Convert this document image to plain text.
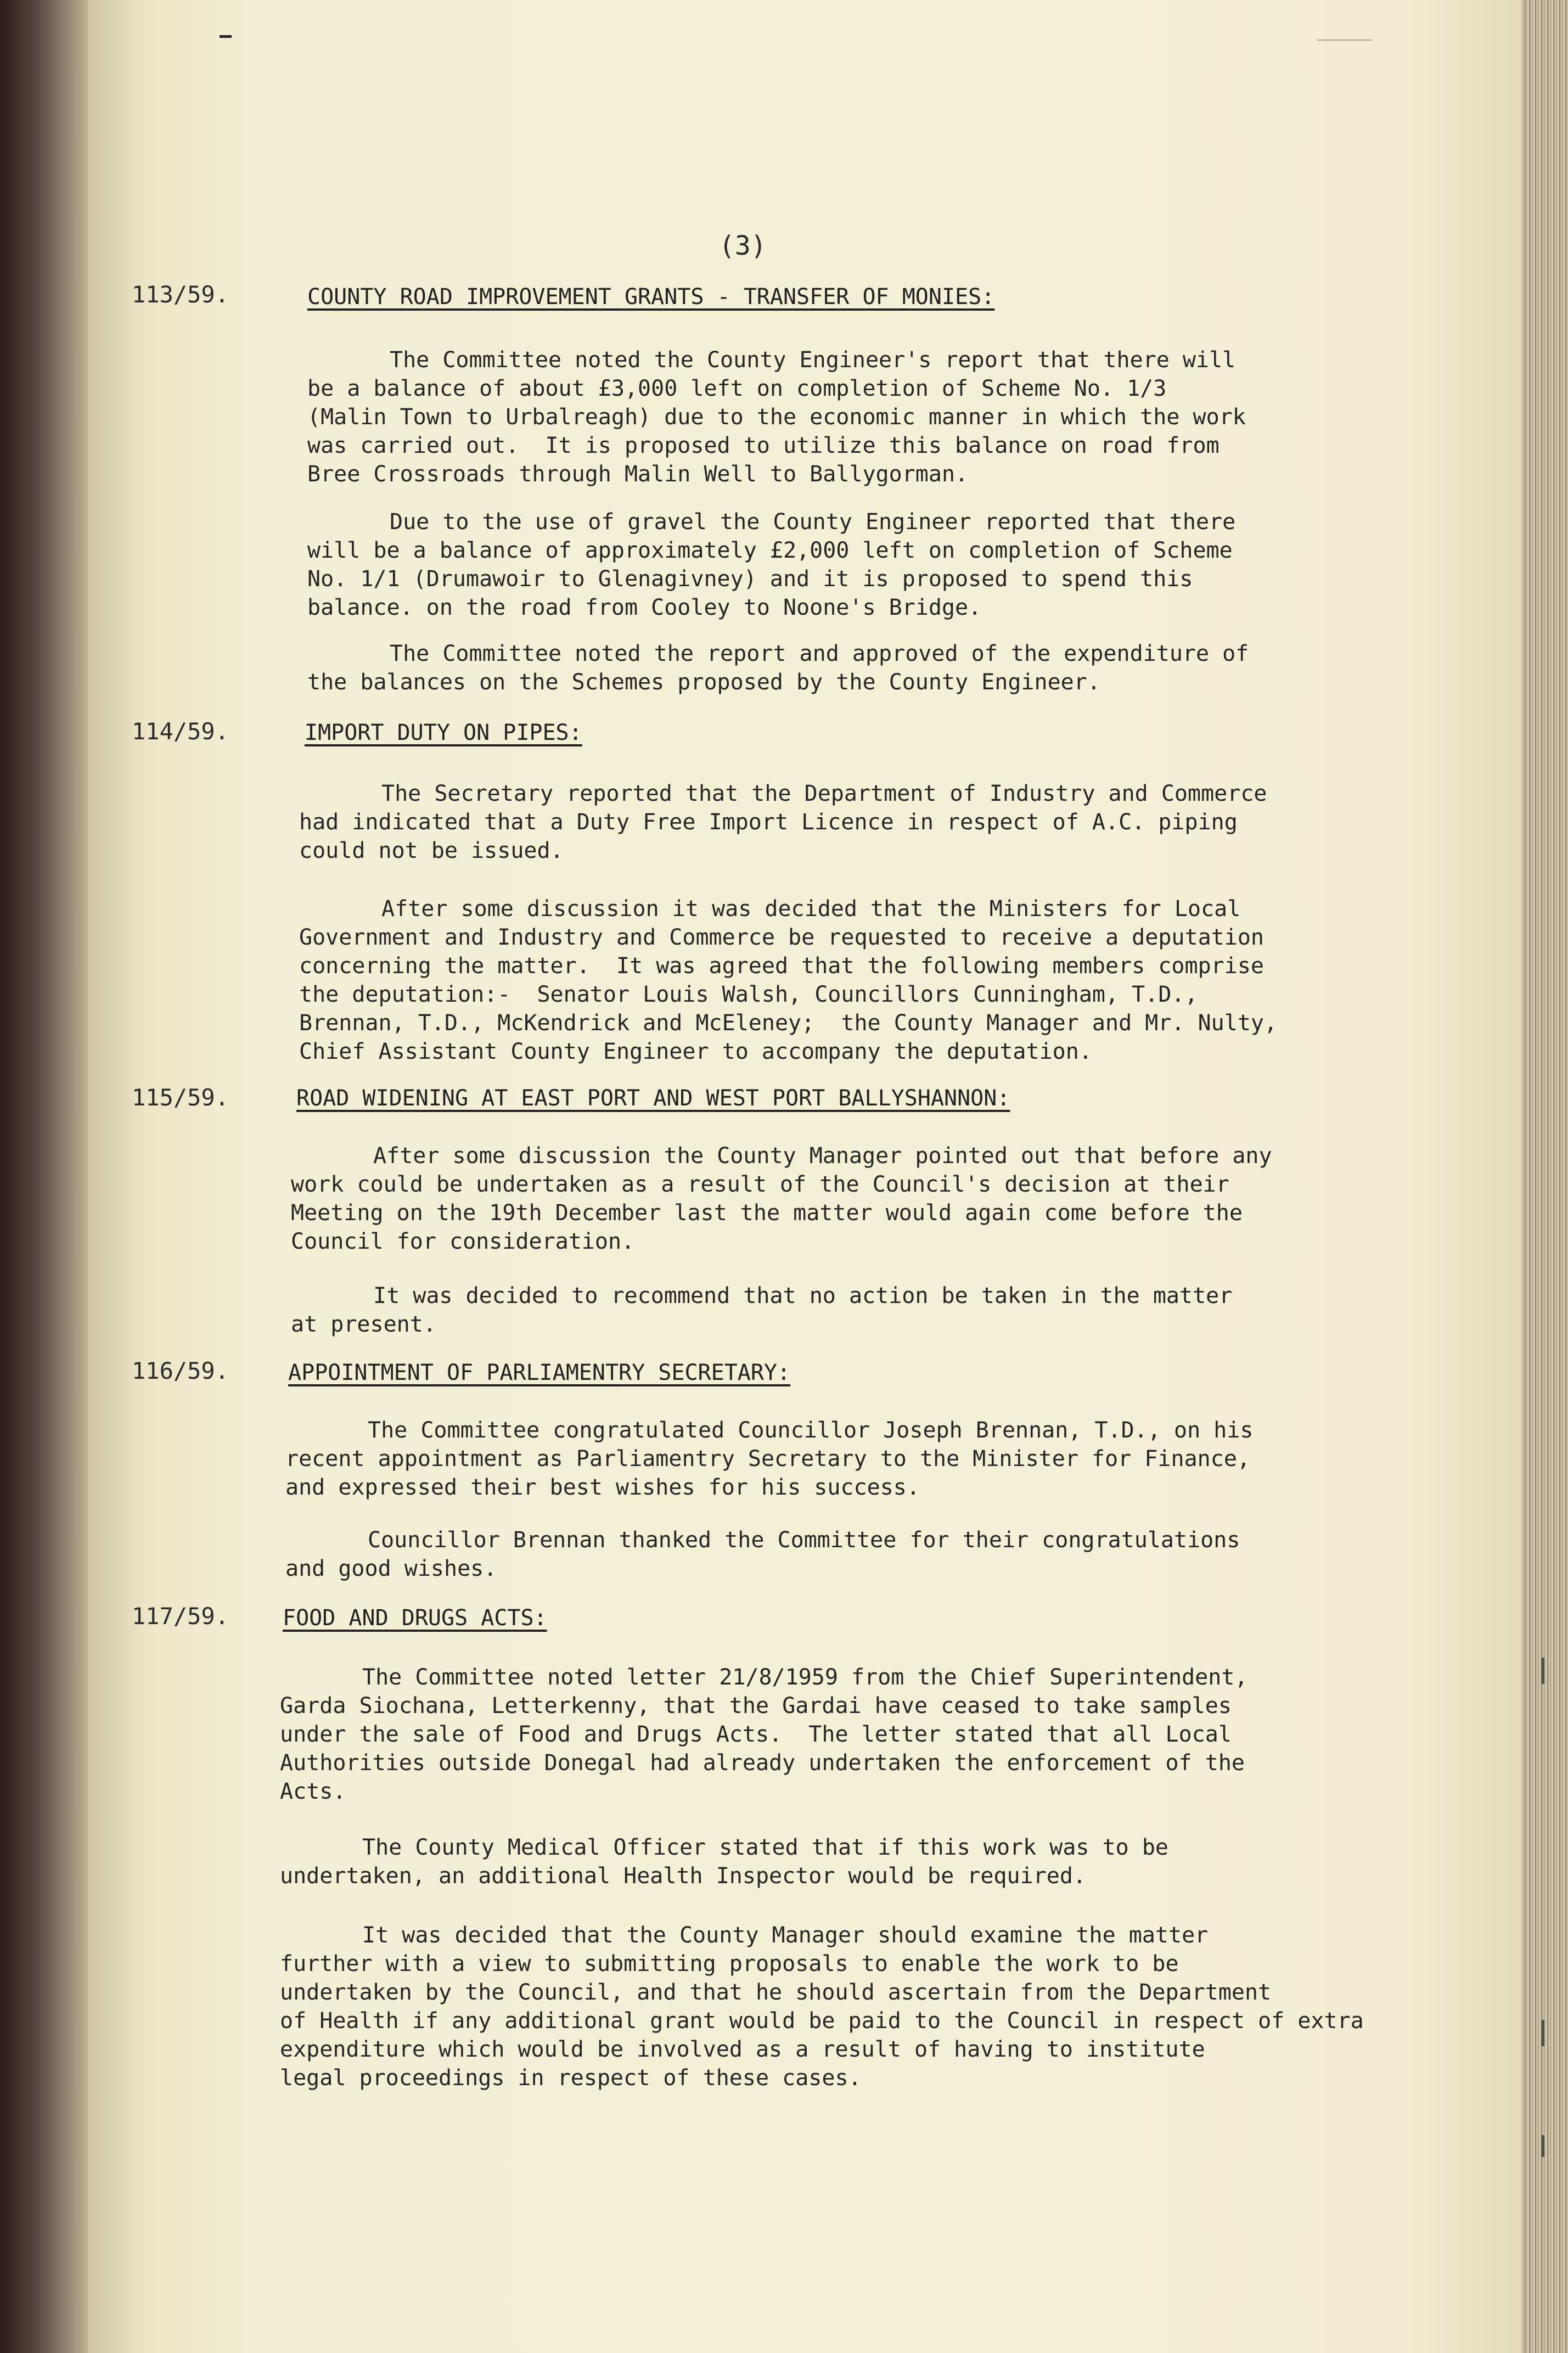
(3)

113/59.	COUNTY ROAD IMPROVEMENT GRANTS - TRANSFER OF MONIES:

The Committee noted the County Engineer's report that there will
be a balance of about £3,000 left on completion of Scheme No. 1/3
(Malin Town to Urbalreagh) due to the economic manner in which the work
was carried out.  It is proposed to utilize this balance on road from
Bree Crossroads through Malin Well to Ballygorman.

Due to the use of gravel the County Engineer reported that there
will be a balance of approximately £2,000 left on completion of Scheme
No. 1/1 (Drumawoir to Glenagivney) and it is proposed to spend this
balance. on the road from Cooley to Noone's Bridge.

The Committee noted the report and approved of the expenditure of
the balances on the Schemes proposed by the County Engineer.

114/59.	IMPORT DUTY ON PIPES:

The Secretary reported that the Department of Industry and Commerce
had indicated that a Duty Free Import Licence in respect of A.C. piping
could not be issued.

After some discussion it was decided that the Ministers for Local
Government and Industry and Commerce be requested to receive a deputation
concerning the matter.  It was agreed that the following members comprise
the deputation:-  Senator Louis Walsh, Councillors Cunningham, T.D.,
Brennan, T.D., McKendrick and McEleney;  the County Manager and Mr. Nulty,
Chief Assistant County Engineer to accompany the deputation.

115/59.	ROAD WIDENING AT EAST PORT AND WEST PORT BALLYSHANNON:

After some discussion the County Manager pointed out that before any
work could be undertaken as a result of the Council's decision at their
Meeting on the 19th December last the matter would again come before the
Council for consideration.

It was decided to recommend that no action be taken in the matter
at present.

116/59.	APPOINTMENT OF PARLIAMENTRY SECRETARY:

The Committee congratulated Councillor Joseph Brennan, T.D., on his
recent appointment as Parliamentry Secretary to the Minister for Finance,
and expressed their best wishes for his success.

Councillor Brennan thanked the Committee for their congratulations
and good wishes.

117/59. FOOD AND DRUGS ACTS:

The Committee noted letter 21/8/1959 from the Chief Superintendent,
Garda Siochana, Letterkenny, that the Gardai have ceased to take samples
under the sale of Food and Drugs Acts.  The letter stated that all Local
Authorities outside Donegal had already undertaken the enforcement of the
Acts.

The County Medical Officer stated that if this work was to be
undertaken, an additional Health Inspector would be required.

It was decided that the County Manager should examine the matter
further with a view to submitting proposals to enable the work to be
undertaken by the Council, and that he should ascertain from the Department
of Health if any additional grant would be paid to the Council in respect of extra
expenditure which would be involved as a result of having to institute
legal proceedings in respect of these cases.
